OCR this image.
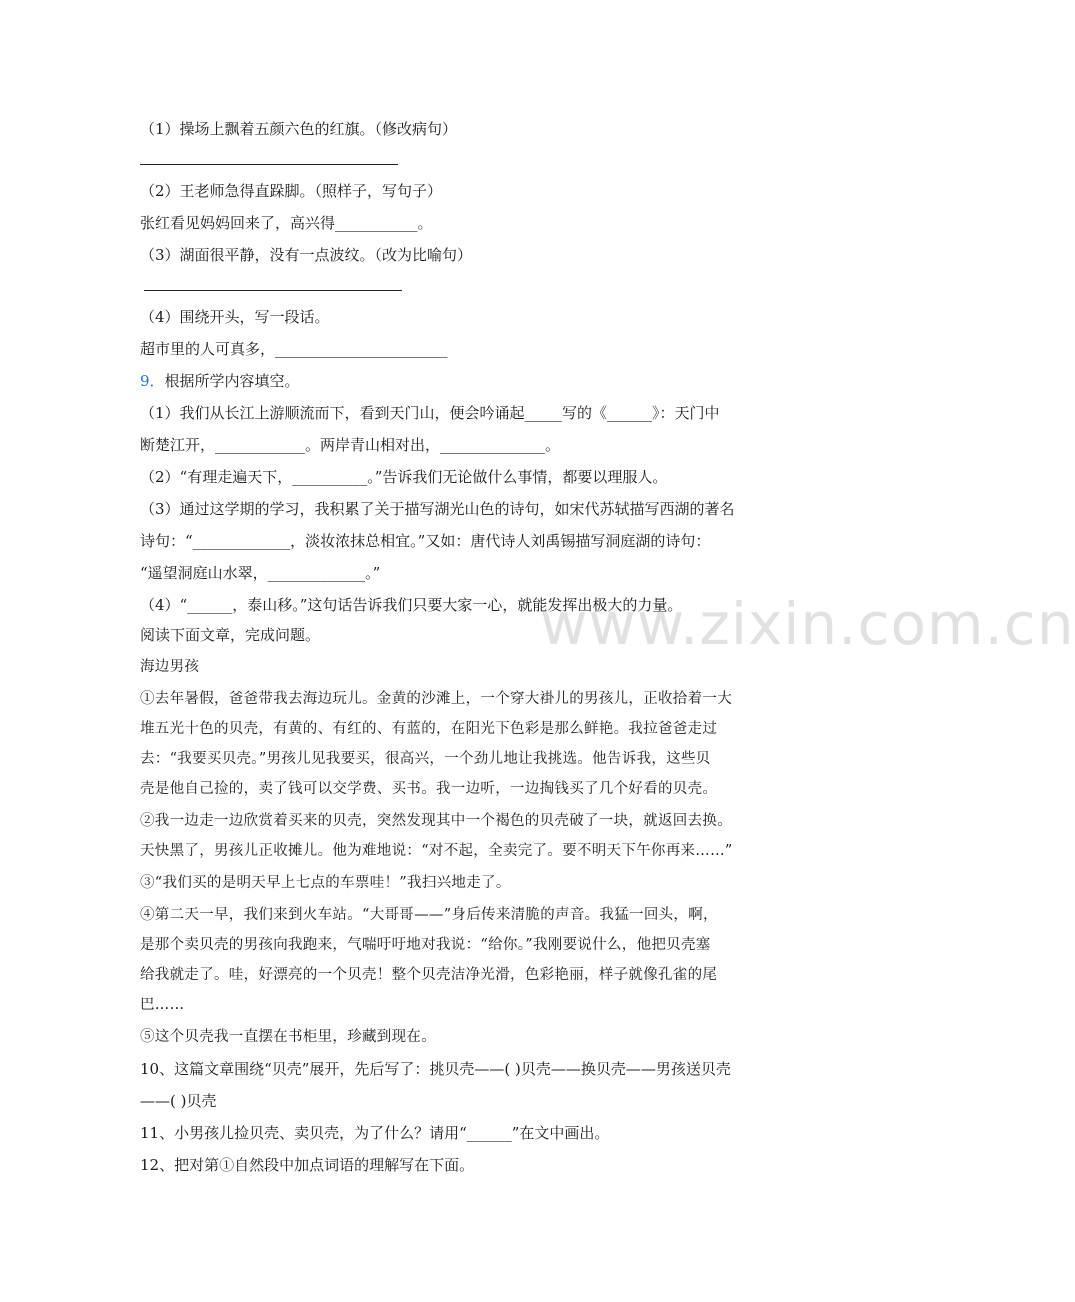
（1）操场上飘着五颜六色的红旗。（修改病句）
（2）王老师急得直跺脚。（照样子，写句子）
张红看见妈妈回来了，高兴得___________。
（3）湖面很平静，没有一点波纹。（改为比喻句）
（4）围绕开头，写一段话。
超市里的人可真多，_______________________
9．根据所学内容填空。
（1）我们从长江上游顺流而下，看到天门山，便会吟诵起_____写的《______》：天门中
断楚江开，____________。两岸青山相对出，______________。
（2）“有理走遍天下，__________。”告诉我们无论做什么事情，都要以理服人。
（3）通过这学期的学习，我积累了关于描写湖光山色的诗句，如宋代苏轼描写西湖的著名
诗句：“_____________，淡妆浓抹总相宜。”又如：唐代诗人刘禹锡描写洞庭湖的诗句：
“遥望洞庭山水翠，_____________。”
（4）“______，泰山移。”这句话告诉我们只要大家一心，就能发挥出极大的力量。
阅读下面文章，完成问题。
海边男孩
①去年暑假，爸爸带我去海边玩儿。金黄的沙滩上，一个穿大褂儿的男孩儿，正收拾着一大
堆五光十色的贝壳，有黄的、有红的、有蓝的，在阳光下色彩是那么鲜艳。我拉爸爸走过
去：“我要买贝壳。”男孩儿见我要买，很高兴，一个劲儿地让我挑选。他告诉我，这些贝
壳是他自己捡的，卖了钱可以交学费、买书。我一边听，一边掏钱买了几个好看的贝壳。
②我一边走一边欣赏着买来的贝壳，突然发现其中一个褐色的贝壳破了一块，就返回去换。
天快黑了，男孩儿正收摊儿。他为难地说：“对不起，全卖完了。要不明天下午你再来……”
③“我们买的是明天早上七点的车票哇！”我扫兴地走了。
④第二天一早，我们来到火车站。“大哥哥——”身后传来清脆的声音。我猛一回头，啊，
是那个卖贝壳的男孩向我跑来，气喘吁吁地对我说：“给你。”我刚要说什么，他把贝壳塞
给我就走了。哇，好漂亮的一个贝壳！整个贝壳洁净光滑，色彩艳丽，样子就像孔雀的尾
巴……
⑤这个贝壳我一直摆在书柜里，珍藏到现在。
10、这篇文章围绕“贝壳”展开，先后写了：挑贝壳——( )贝壳——换贝壳——男孩送贝壳
——( )贝壳
11、小男孩儿捡贝壳、卖贝壳，为了什么？请用“______”在文中画出。
12、把对第①自然段中加点词语的理解写在下面。
www.zixin.com.cn
